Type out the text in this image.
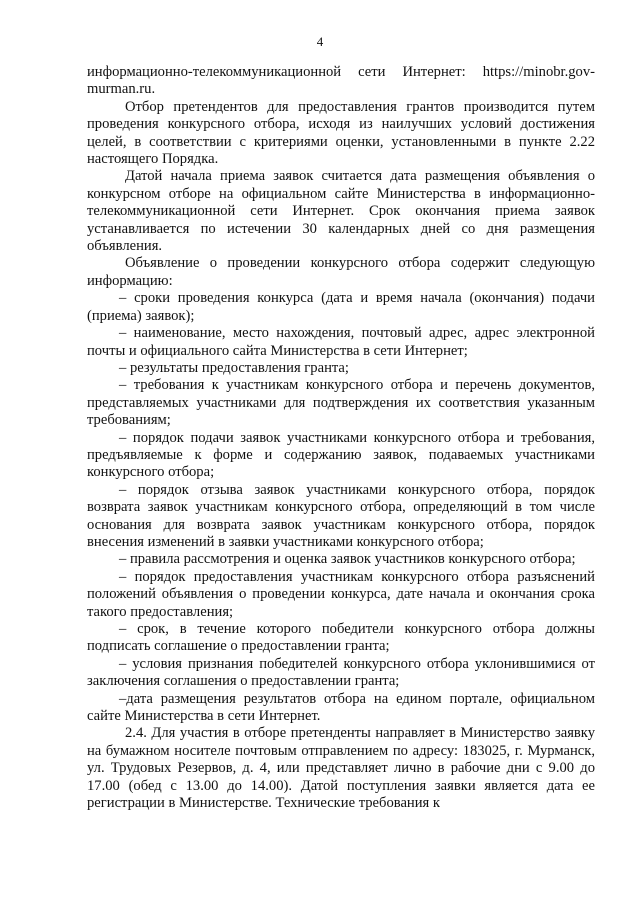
4

информационно-телекоммуникационной сети Интернет: https://minobr.gov-murman.ru.

Отбор претендентов для предоставления грантов производится путем проведения конкурсного отбора, исходя из наилучших условий достижения целей, в соответствии с критериями оценки, установленными в пункте 2.22 настоящего Порядка.

Датой начала приема заявок считается дата размещения объявления о конкурсном отборе на официальном сайте Министерства в информационно-телекоммуникационной сети Интернет. Срок окончания приема заявок устанавливается по истечении 30 календарных дней со дня размещения объявления.

Объявление о проведении конкурсного отбора содержит следующую информацию:

– сроки проведения конкурса (дата и время начала (окончания) подачи (приема) заявок);

– наименование, место нахождения, почтовый адрес, адрес электронной почты и официального сайта Министерства в сети Интернет;

– результаты предоставления гранта;

– требования к участникам конкурсного отбора и перечень документов, представляемых участниками для подтверждения их соответствия указанным требованиям;

– порядок подачи заявок участниками конкурсного отбора и требования, предъявляемые к форме и содержанию заявок, подаваемых участниками конкурсного отбора;

– порядок отзыва заявок участниками конкурсного отбора, порядок возврата заявок участникам конкурсного отбора, определяющий в том числе основания для возврата заявок участникам конкурсного отбора, порядок внесения изменений в заявки участниками конкурсного отбора;

– правила рассмотрения и оценка заявок участников конкурсного отбора;

– порядок предоставления участникам конкурсного отбора разъяснений положений объявления о проведении конкурса, дате начала и окончания срока такого предоставления;

– срок, в течение которого победители конкурсного отбора должны подписать соглашение о предоставлении гранта;

– условия признания победителей конкурсного отбора уклонившимися от заключения соглашения о предоставлении гранта;

–дата размещения результатов отбора на едином портале, официальном сайте Министерства в сети Интернет.

2.4. Для участия в отборе претенденты направляет в Министерство заявку на бумажном носителе почтовым отправлением по адресу: 183025, г. Мурманск, ул. Трудовых Резервов, д. 4, или представляет лично в рабочие дни с 9.00 до 17.00 (обед с 13.00 до 14.00). Датой поступления заявки является дата ее регистрации в Министерстве. Технические требования к
